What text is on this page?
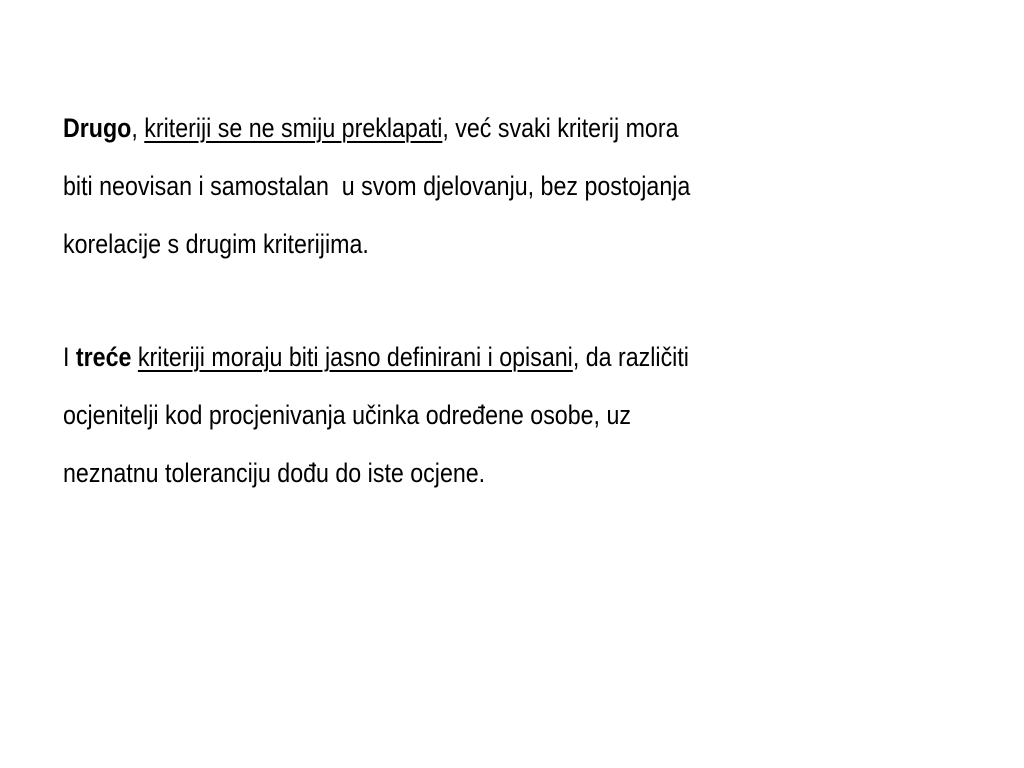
Drugo, kriteriji se ne smiju preklapati, već svaki kriterij mora
biti neovisan i samostalan  u svom djelovanju, bez postojanja
korelacije s drugim kriterijima.
I treće kriteriji moraju biti jasno definirani i opisani, da različiti
ocjenitelji kod procjenivanja učinka određene osobe, uz
neznatnu toleranciju dođu do iste ocjene.
